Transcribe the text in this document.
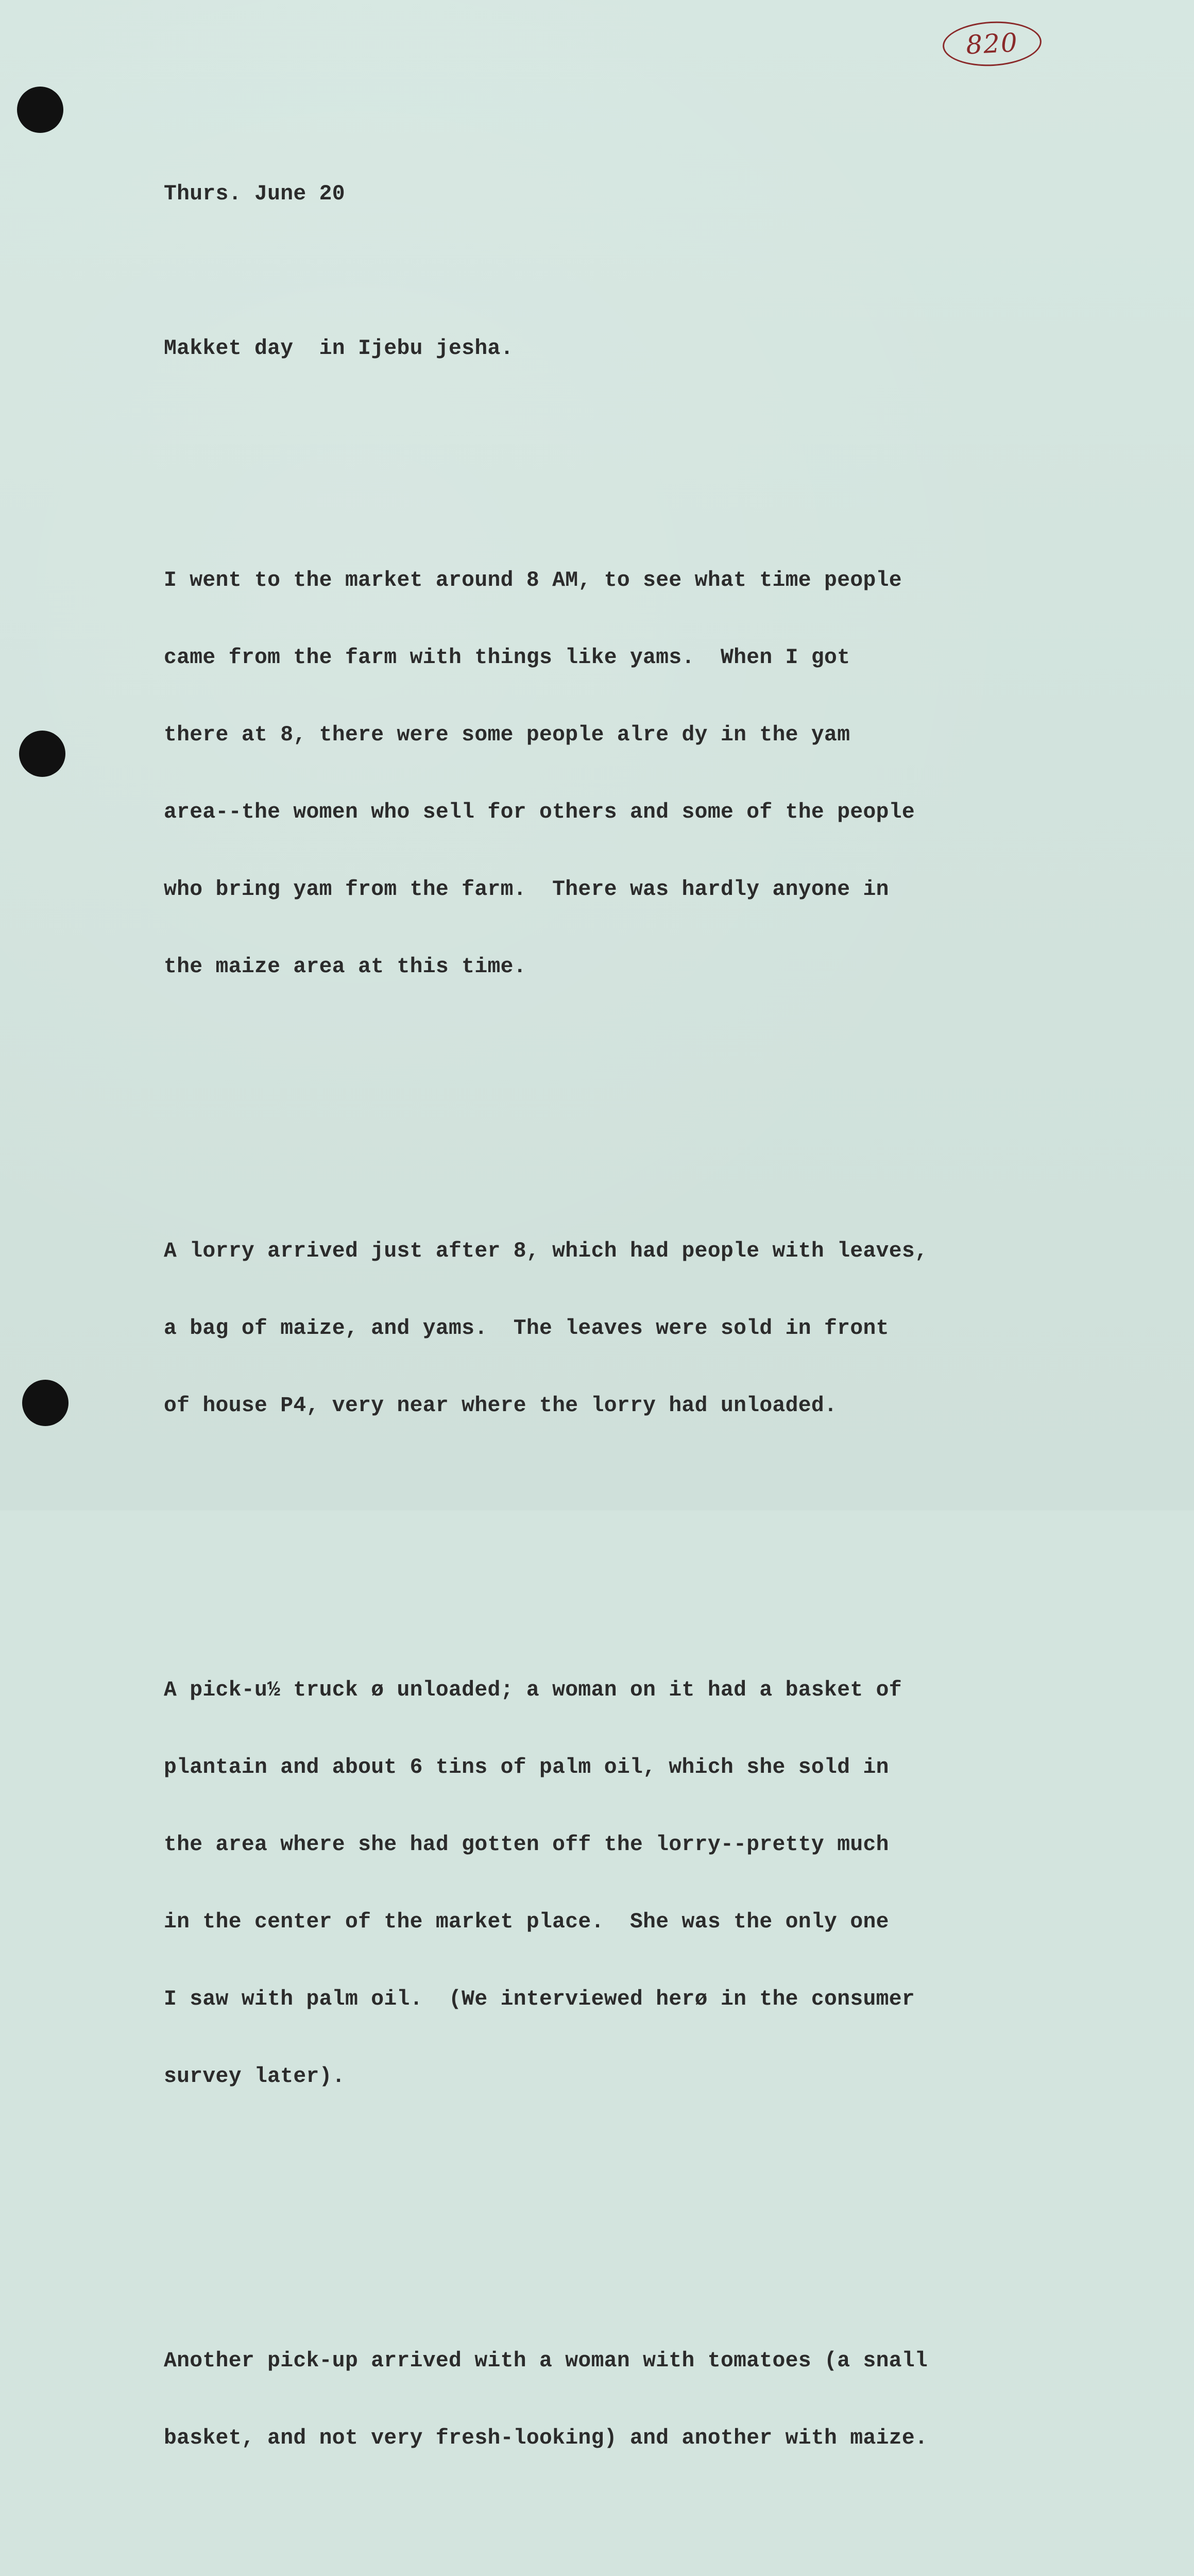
820

Thurs. June 20

Makket day  in Ijebu jesha.

I went to the market around 8 AM, to see what time people

came from the farm with things like yams.  When I got

there at 8, there were some people alre dy in the yam

area--the women who sell for others and some of the people

who bring yam from the farm.  There was hardly anyone in

the maize area at this time.

A lorry arrived just after 8, which had people with leaves,

a bag of maize, and yams.  The leaves were sold in front

of house P4, very near where the lorry had unloaded.

A pick-u½ truck ø unloaded; a woman on it had a basket of

plantain and about 6 tins of palm oil, which she sold in

the area where she had gotten off the lorry--pretty much

in the center of the market place.  She was the only one

I saw with palm oil.  (We interviewed herø in the consumer

survey later).

Another pick-up arrived with a woman with tomatoes (a snall

basket, and not very fresh-looking) and another with maize.
